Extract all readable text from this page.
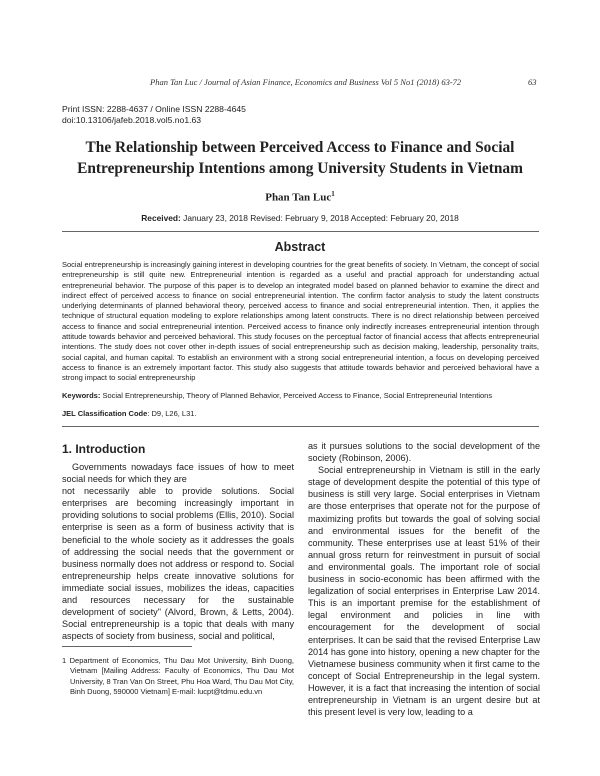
Phan Tan Luc / Journal of Asian Finance, Economics and Business Vol 5 No1 (2018) 63-72	63
Print ISSN: 2288-4637 / Online ISSN 2288-4645
doi:10.13106/jafeb.2018.vol5.no1.63
The Relationship between Perceived Access to Finance and Social Entrepreneurship Intentions among University Students in Vietnam
Phan Tan Luc$^1$
Received: January 23, 2018 Revised: February 9, 2018 Accepted: February 20, 2018
Abstract
Social entrepreneurship is increasingly gaining interest in developing countries for the great benefits of society. In Vietnam, the concept of social entrepreneurship is still quite new. Entrepreneurial intention is regarded as a useful and practial approach for understanding actual entrepreneurial behavior. The purpose of this paper is to develop an integrated model based on planned behavior to examine the direct and indirect effect of perceived access to finance on social entrepreneurial intention. The confirm factor analysis to study the latent constructs underlying determinants of planned behavioral theory, perceived access to finance and social entrepreneurial intention. Then, it applies the technique of structural equation modeling to explore relationships among latent constructs. There is no direct relationship between perceived access to finance and social entrepreneurial intention. Perceived access to finance only indirectly increases entrepreneurial intention through attitude towards behavior and perceived behavioral. This study focuses on the perceptual factor of financial access that affects entrepreneurial intentions. The study does not cover other in-depth issues of social entrepreneurship such as decision making, leadership, personality traits, social capital, and human capital. To establish an environment with a strong social entrepreneurial intention, a focus on developing perceived access to finance is an extremely important factor. This study also suggests that attitude towards behavior and perceived behavioral have a strong impact to social entrepreneurship
Keywords: Social Entrepreneurship, Theory of Planned Behavior, Perceived Access to Finance, Social Entrepreneurial Intentions
JEL Classification Code: D9, L26, L31.
1. Introduction

Governments nowadays face issues of how to meet social needs for which they are

not necessarily able to provide solutions. Social enterprises are becoming increasingly important in providing solutions to social problems (Ellis, 2010). Social enterprise is seen as a form of business activity that is beneficial to the whole society as it addresses the goals of addressing the social needs that the government or business normally does not address or respond to. Social entrepreneurship helps create innovative solutions for immediate social issues, mobilizes the ideas, capacities and resources necessary for the sustainable development of society" (Alvord, Brown, & Letts, 2004). Social entrepreneurship is a topic that deals with many aspects of society from business, social and political,

as it pursues solutions to the social development of the society (Robinson, 2006).

Social entrepreneurship in Vietnam is still in the early stage of development despite the potential of this type of business is still very large. Social enterprises in Vietnam are those enterprises that operate not for the purpose of maximizing profits but towards the goal of solving social and environmental issues for the benefit of the community. These enterprises use at least 51% of their annual gross return for reinvestment in pursuit of social and environmental goals. The important role of social business in socio-economic has been affirmed with the legalization of social enterprises in Enterprise Law 2014. This is an important premise for the establishment of legal environment and policies in line with encouragement for the development of social enterprises. It can be said that the revised Enterprise Law 2014 has gone into history, opening a new chapter for the Vietnamese business community when it first came to the concept of Social Entrepreneurship in the legal system. However, it is a fact that increasing the intention of social entrepreneurship in Vietnam is an urgent desire but at this present level is very low, leading to a

1 Department of Economics, Thu Dau Mot University, Binh Duong, Vietnam [Mailing Address: Faculty of Economics, Thu Dau Mot University, 8 Tran Van On Street, Phu Hoa Ward, Thu Dau Mot City, Binh Duong, 590000 Vietnam] E-mail: lucpt@tdmu.edu.vn
